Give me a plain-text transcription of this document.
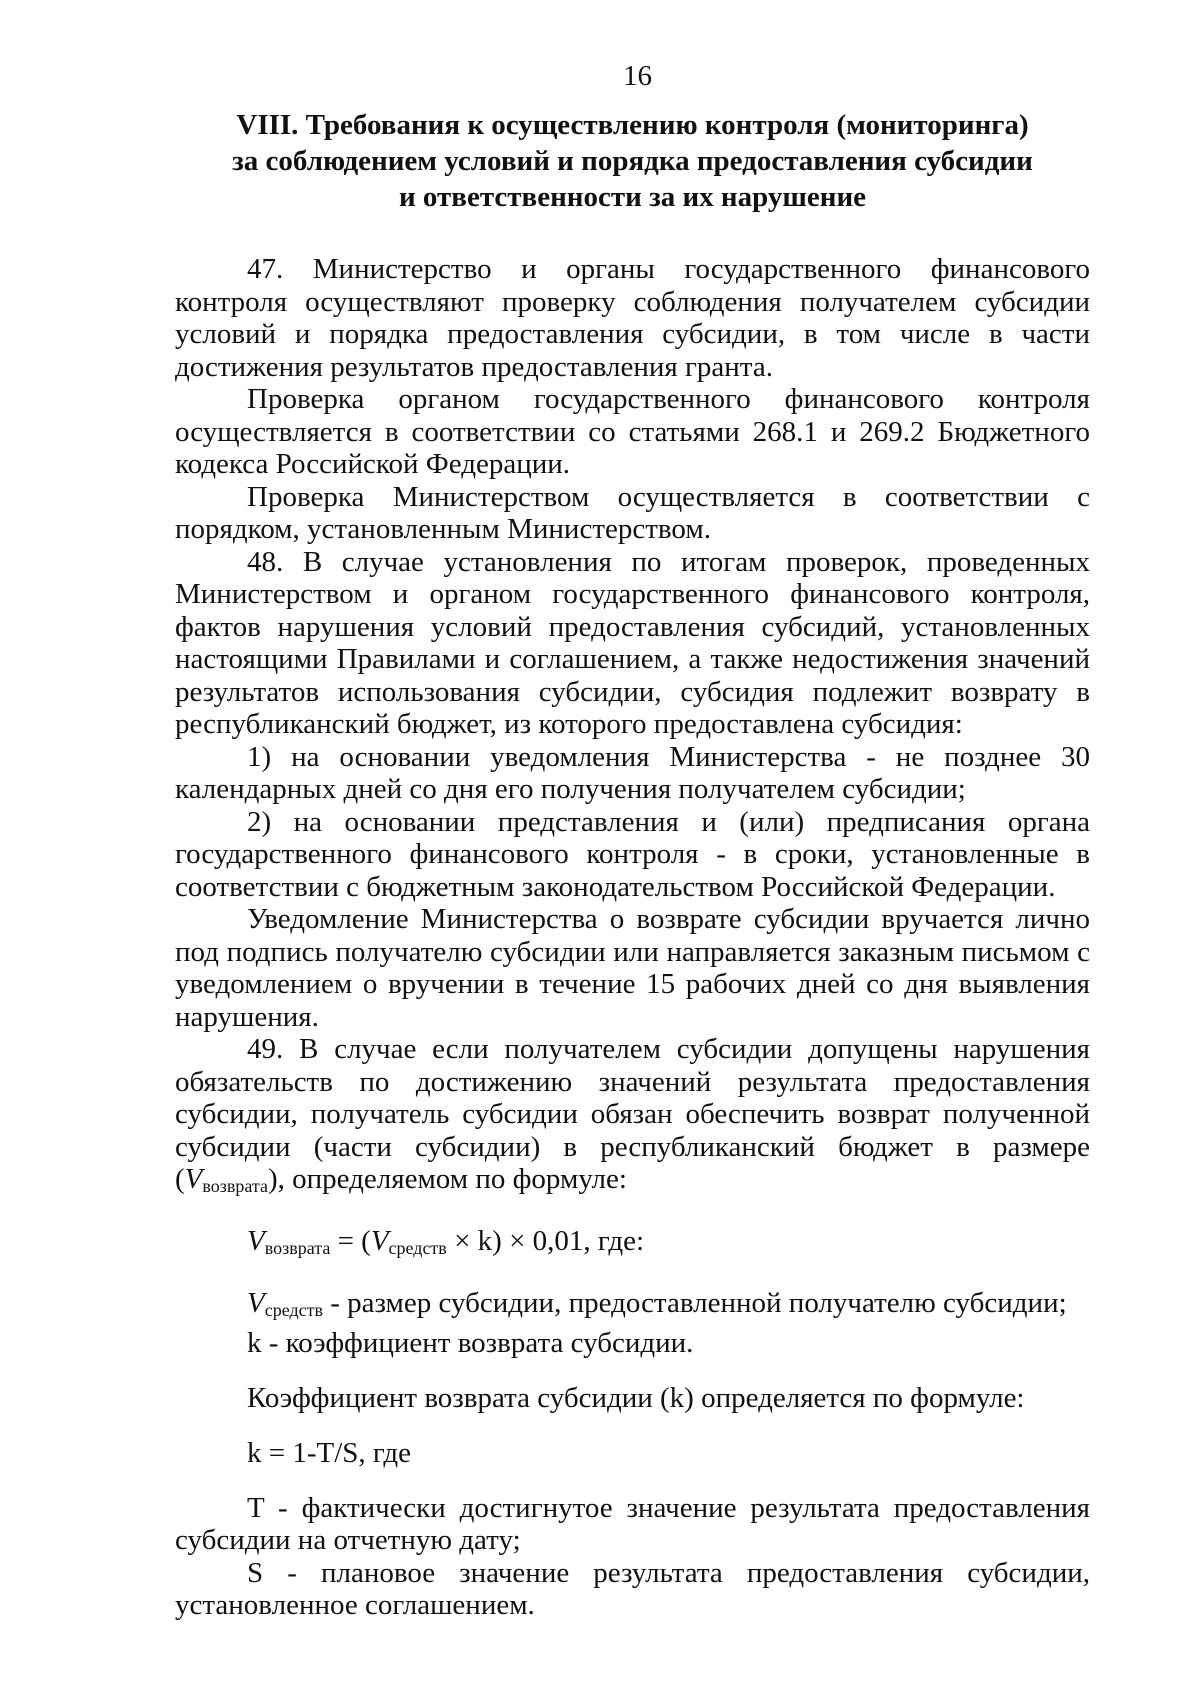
16
VIII. Требования к осуществлению контроля (мониторинга)
за соблюдением условий и порядка предоставления субсидии
и ответственности за их нарушение

47. Министерство и органы государственного финансового контроля осуществляют проверку соблюдения получателем субсидии условий и порядка предоставления субсидии, в том числе в части достижения результатов предоставления гранта.

Проверка органом государственного финансового контроля осуществляется в соответствии со статьями 268.1 и 269.2 Бюджетного кодекса Российской Федерации.

Проверка Министерством осуществляется в соответствии с порядком, установленным Министерством.

48. В случае установления по итогам проверок, проведенных Министерством и органом государственного финансового контроля, фактов нарушения условий предоставления субсидий, установленных настоящими Правилами и соглашением, а также недостижения значений результатов использования субсидии, субсидия подлежит возврату в республиканский бюджет, из которого предоставлена субсидия:

1) на основании уведомления Министерства - не позднее 30 календарных дней со дня его получения получателем субсидии;

2) на основании представления и (или) предписания органа государственного финансового контроля - в сроки, установленные в соответствии с бюджетным законодательством Российской Федерации.

Уведомление Министерства о возврате субсидии вручается лично под подпись получателю субсидии или направляется заказным письмом с уведомлением о вручении в течение 15 рабочих дней со дня выявления нарушения.

49. В случае если получателем субсидии допущены нарушения обязательств по достижению значений результата предоставления субсидии, получатель субсидии обязан обеспечить возврат полученной субсидии (части субсидии) в республиканский бюджет в размере $(V_{возврата})$, определяемом по формуле:

$V_{возврата} = (V_{средств} \times k) \times 0,01$, где:

$V_{средств}$ - размер субсидии, предоставленной получателю субсидии;

k - коэффициент возврата субсидии.

Коэффициент возврата субсидии (k) определяется по формуле:

k = 1-T/S, где

T - фактически достигнутое значение результата предоставления субсидии на отчетную дату;

S - плановое значение результата предоставления субсидии, установленное соглашением.
